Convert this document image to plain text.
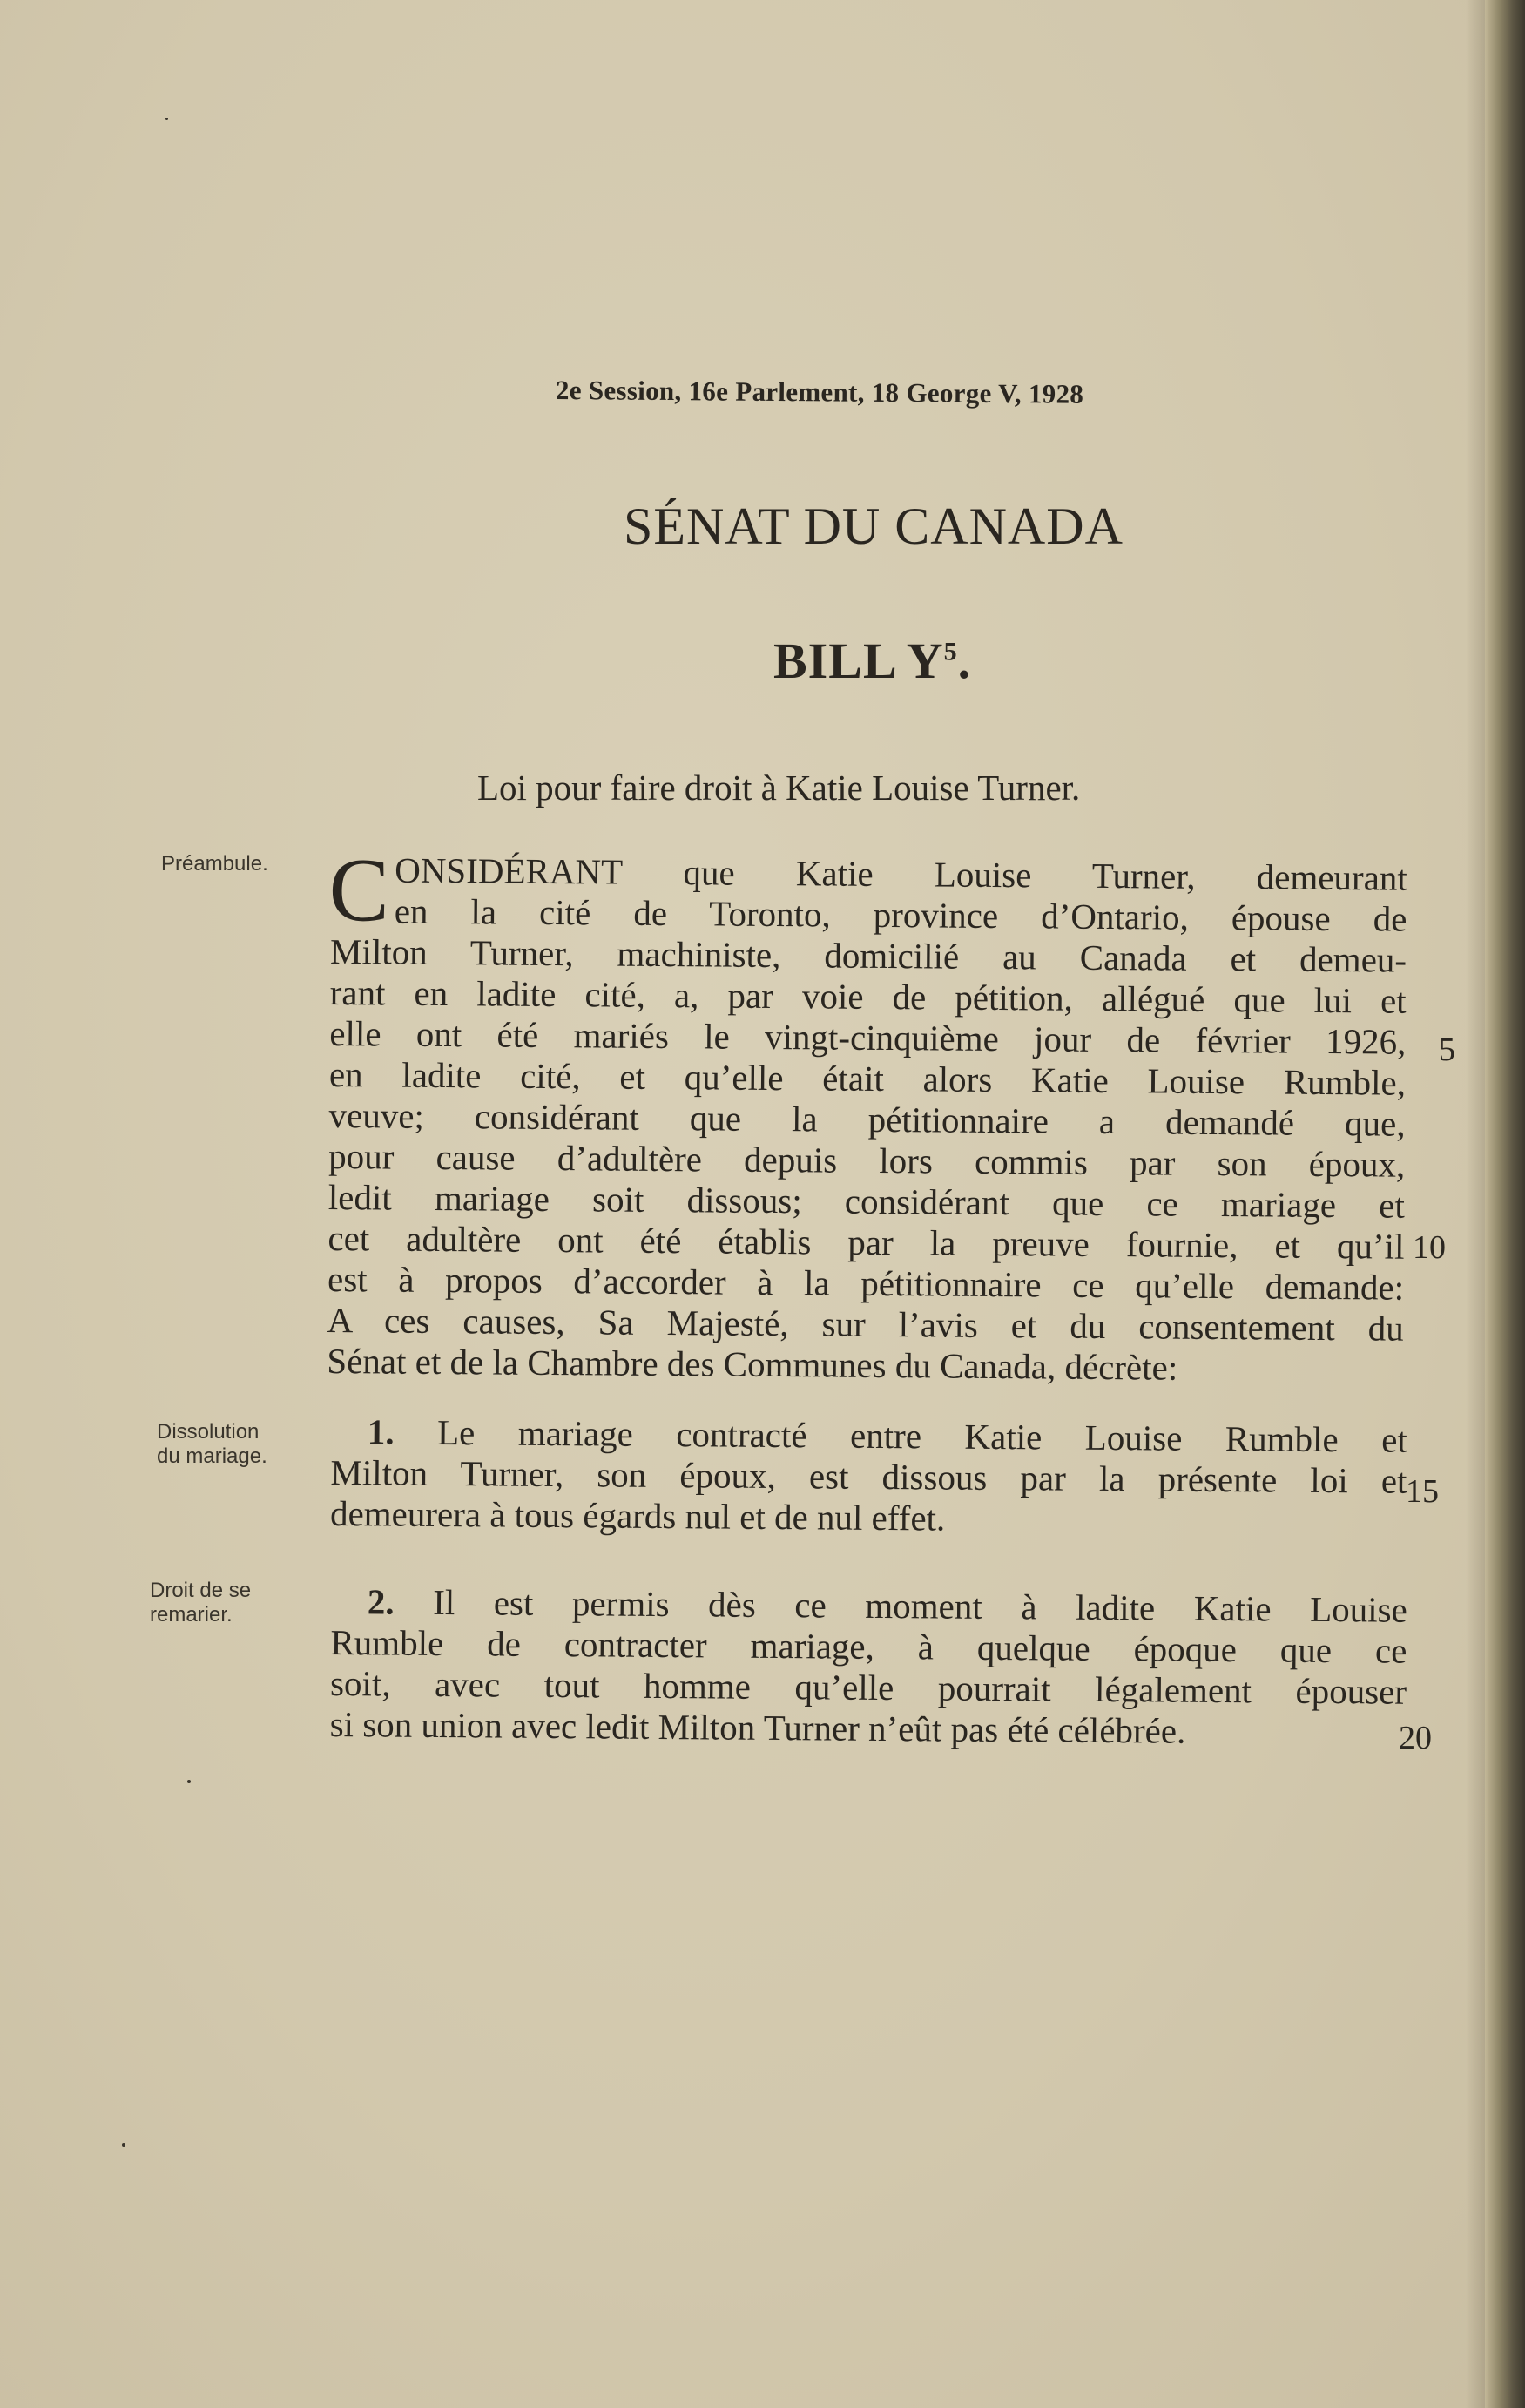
2e Session, 16e Parlement, 18 George V, 1928
SÉNAT DU CANADA
BILL $Y^5$.
Loi pour faire droit à Katie Louise Turner.
Préambule.
Dissolution
du mariage.
Droit de se
remarier.
CONSIDÉRANT que Katie Louise Turner, demeurant
en la cité de Toronto, province d’Ontario, épouse de
Milton Turner, machiniste, domicilié au Canada et demeu-
rant en ladite cité, a, par voie de pétition, allégué que lui et
elle ont été mariés le vingt-cinquième jour de février 1926,
en ladite cité, et qu’elle était alors Katie Louise Rumble,
veuve; considérant que la pétitionnaire a demandé que,
pour cause d’adultère depuis lors commis par son époux,
ledit mariage soit dissous; considérant que ce mariage et
cet adultère ont été établis par la preuve fournie, et qu’il
est à propos d’accorder à la pétitionnaire ce qu’elle demande:
A ces causes, Sa Majesté, sur l’avis et du consentement du
Sénat et de la Chambre des Communes du Canada, décrète:
1. Le mariage contracté entre Katie Louise Rumble et
Milton Turner, son époux, est dissous par la présente loi et
demeurera à tous égards nul et de nul effet.
2. Il est permis dès ce moment à ladite Katie Louise
Rumble de contracter mariage, à quelque époque que ce
soit, avec tout homme qu’elle pourrait légalement épouser
si son union avec ledit Milton Turner n’eût pas été célébrée.
5
10
15
20
